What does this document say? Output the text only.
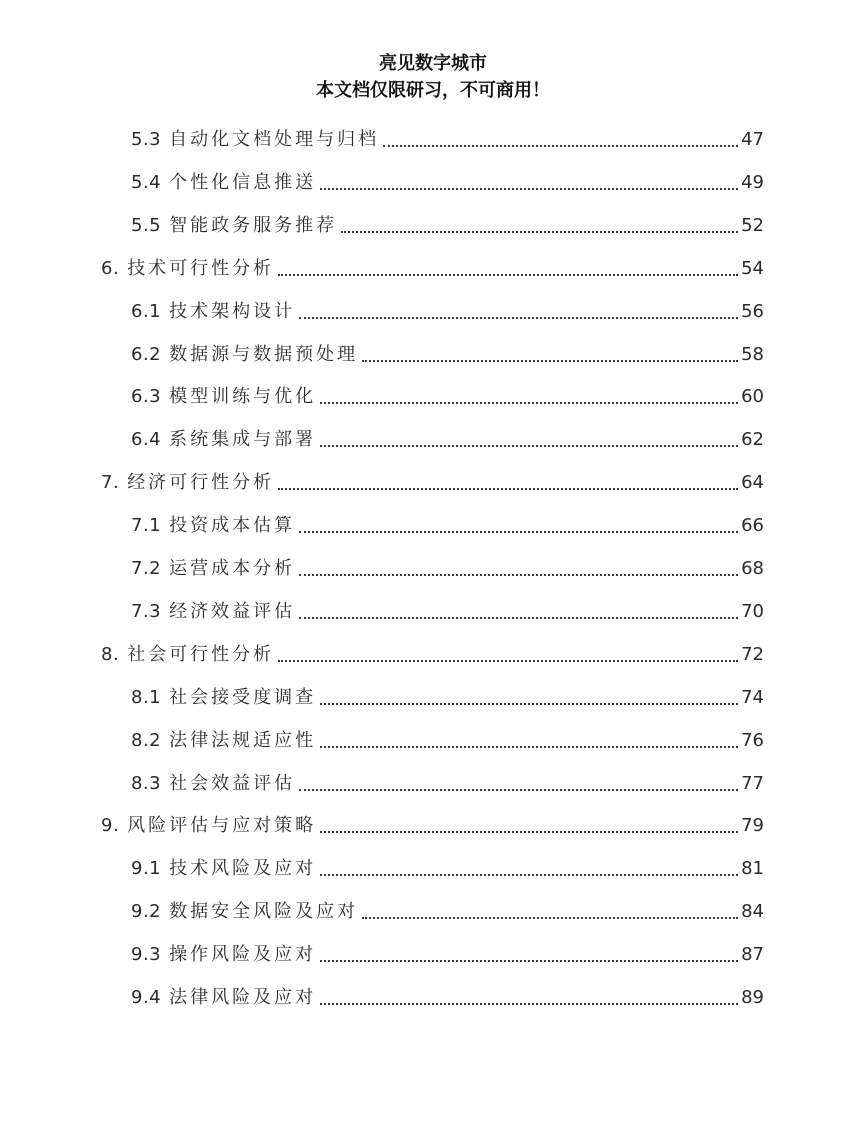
亮见数字城市
本文档仅限研习，不可商用！
5.3 自动化文档处理与归档	47
5.4 个性化信息推送	49
5.5 智能政务服务推荐	52
6. 技术可行性分析	54
6.1 技术架构设计	56
6.2 数据源与数据预处理	58
6.3 模型训练与优化	60
6.4 系统集成与部署	62
7. 经济可行性分析	64
7.1 投资成本估算	66
7.2 运营成本分析	68
7.3 经济效益评估	70
8. 社会可行性分析	72
8.1 社会接受度调查	74
8.2 法律法规适应性	76
8.3 社会效益评估	77
9. 风险评估与应对策略	79
9.1 技术风险及应对	81
9.2 数据安全风险及应对	84
9.3 操作风险及应对	87
9.4 法律风险及应对	89
